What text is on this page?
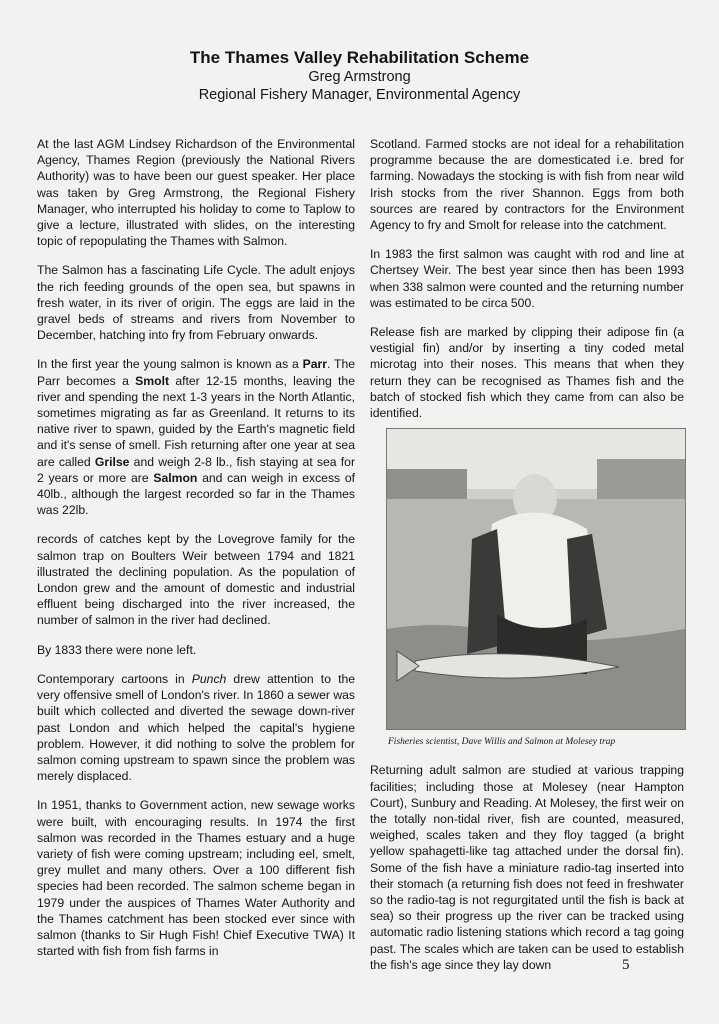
The Thames Valley Rehabilitation Scheme

Greg Armstrong

Regional Fishery Manager, Environmental Agency

At the last AGM Lindsey Richardson of the Environmental Agency, Thames Region (previously the National Rivers Authority) was to have been our guest speaker. Her place was taken by Greg Armstrong, the Regional Fishery Manager, who interrupted his holiday to come to Taplow to give a lecture, illustrated with slides, on the interesting topic of repopulating the Thames with Salmon.

The Salmon has a fascinating Life Cycle. The adult enjoys the rich feeding grounds of the open sea, but spawns in fresh water, in its river of origin. The eggs are laid in the gravel beds of streams and rivers from November to December, hatching into fry from February onwards.

In the first year the young salmon is known as a Parr. The Parr becomes a Smolt after 12-15 months, leaving the river and spending the next 1-3 years in the North Atlantic, sometimes migrating as far as Greenland. It returns to its native river to spawn, guided by the Earth's magnetic field and it's sense of smell. Fish returning after one year at sea are called Grilse and weigh 2-8 lb., fish staying at sea for 2 years or more are Salmon and can weigh in excess of 40lb., although the largest recorded so far in the Thames was 22lb.

records of catches kept by the Lovegrove family for the salmon trap on Boulters Weir between 1794 and 1821 illustrated the declining population. As the population of London grew and the amount of domestic and industrial effluent being discharged into the river increased, the number of salmon in the river had declined.

By 1833 there were none left.

Contemporary cartoons in Punch drew attention to the very offensive smell of London's river. In 1860 a sewer was built which collected and diverted the sewage down-river past London and which helped the capital's hygiene problem. However, it did nothing to solve the problem for salmon coming upstream to spawn since the problem was merely displaced.

In 1951, thanks to Government action, new sewage works were built, with encouraging results. In 1974 the first salmon was recorded in the Thames estuary and a huge variety of fish were coming upstream; including eel, smelt, grey mullet and many others. Over a 100 different fish species had been recorded. The salmon scheme began in 1979 under the auspices of Thames Water Authority and the Thames catchment has been stocked ever since with salmon (thanks to Sir Hugh Fish! Chief Executive TWA) It started with fish from fish farms in

Scotland. Farmed stocks are not ideal for a rehabilitation programme because the are domesticated i.e. bred for farming. Nowadays the stocking is with fish from near wild Irish stocks from the river Shannon. Eggs from both sources are reared by contractors for the Environment Agency to fry and Smolt for release into the catchment.

In 1983 the first salmon was caught with rod and line at Chertsey Weir. The best year since then has been 1993 when 338 salmon were counted and the returning number was estimated to be circa 500.

Release fish are marked by clipping their adipose fin (a vestigial fin) and/or by inserting a tiny coded metal microtag into their noses. This means that when they return they can be recognised as Thames fish and the batch of stocked fish which they came from can also be identified.

Fisheries scientist, Dave Willis and Salmon at Molesey trap

Returning adult salmon are studied at various trapping facilities; including those at Molesey (near Hampton Court), Sunbury and Reading. At Molesey, the first weir on the totally non-tidal river, fish are counted, measured, weighed, scales taken and they floy tagged (a bright yellow spahagetti-like tag attached under the dorsal fin). Some of the fish have a miniature radio-tag inserted into their stomach (a returning fish does not feed in freshwater so the radio-tag is not regurgitated until the fish is back at sea) so their progress up the river can be tracked using automatic radio listening stations which record a tag going past. The scales which are taken can be used to establish the fish's age since they lay down	5
